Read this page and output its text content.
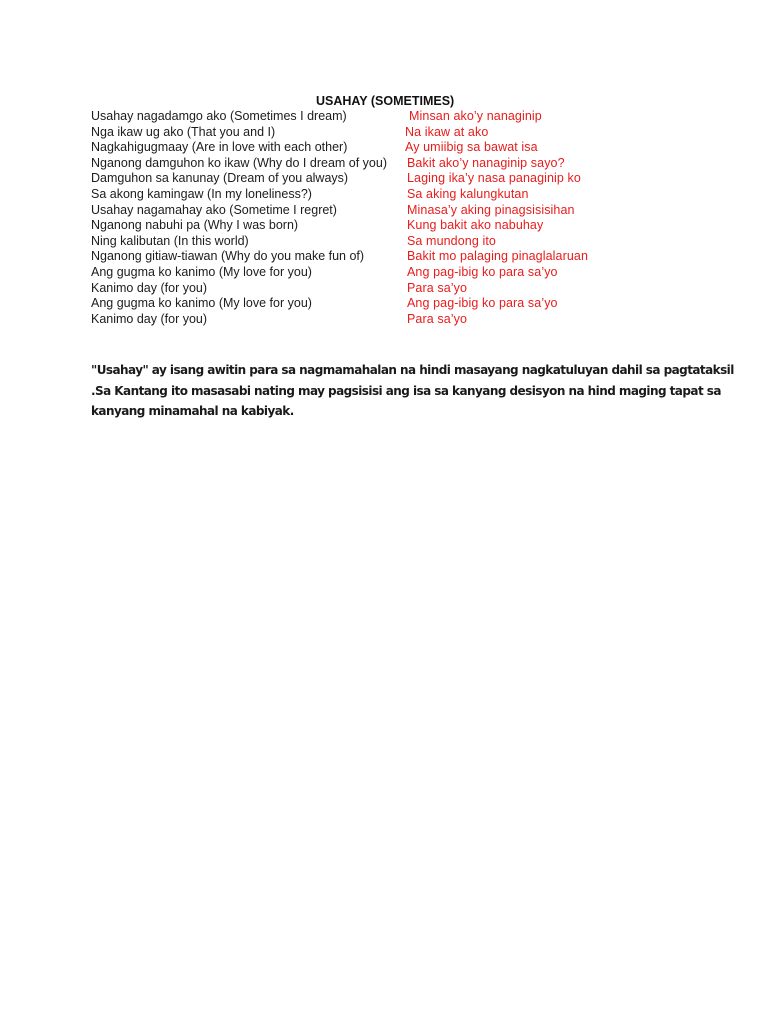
USAHAY (SOMETIMES)
Usahay nagadamgo ako (Sometimes I dream)	Minsan ako’y nanaginip
Nga ikaw ug ako (That you and I)	Na ikaw at ako
Nagkahigugmaay (Are in love with each other)	Ay umiibig sa bawat isa
Nganong damguhon ko ikaw (Why do I dream of you) Bakit ako’y nanaginip sayo?
Damguhon sa kanunay (Dream of you always)	Laging ika’y nasa panaginip ko
Sa akong kamingaw (In my loneliness?)	Sa aking kalungkutan
Usahay nagamahay ako (Sometime I regret)	Minasa’y aking pinagsisisihan
Nganong nabuhi pa (Why I was born)	Kung bakit ako nabuhay
Ning kalibutan (In this world)	Sa mundong ito
Nganong gitiaw-tiawan (Why do you make fun of)	Bakit mo palaging pinaglalaruan
Ang gugma ko kanimo (My love for you)	Ang pag-ibig ko para sa’yo
Kanimo day (for you)	Para sa’yo
Ang gugma ko kanimo (My love for you)	Ang pag-ibig ko para sa’yo
Kanimo day (for you)	Para sa’yo
"Usahay" ay isang awitin para sa nagmamahalan na hindi masayang nagkatuluyan dahil sa pagtataksil
.Sa Kantang ito masasabi nating may pagsisisi ang isa sa kanyang desisyon na hind maging tapat sa
kanyang minamahal na kabiyak.
